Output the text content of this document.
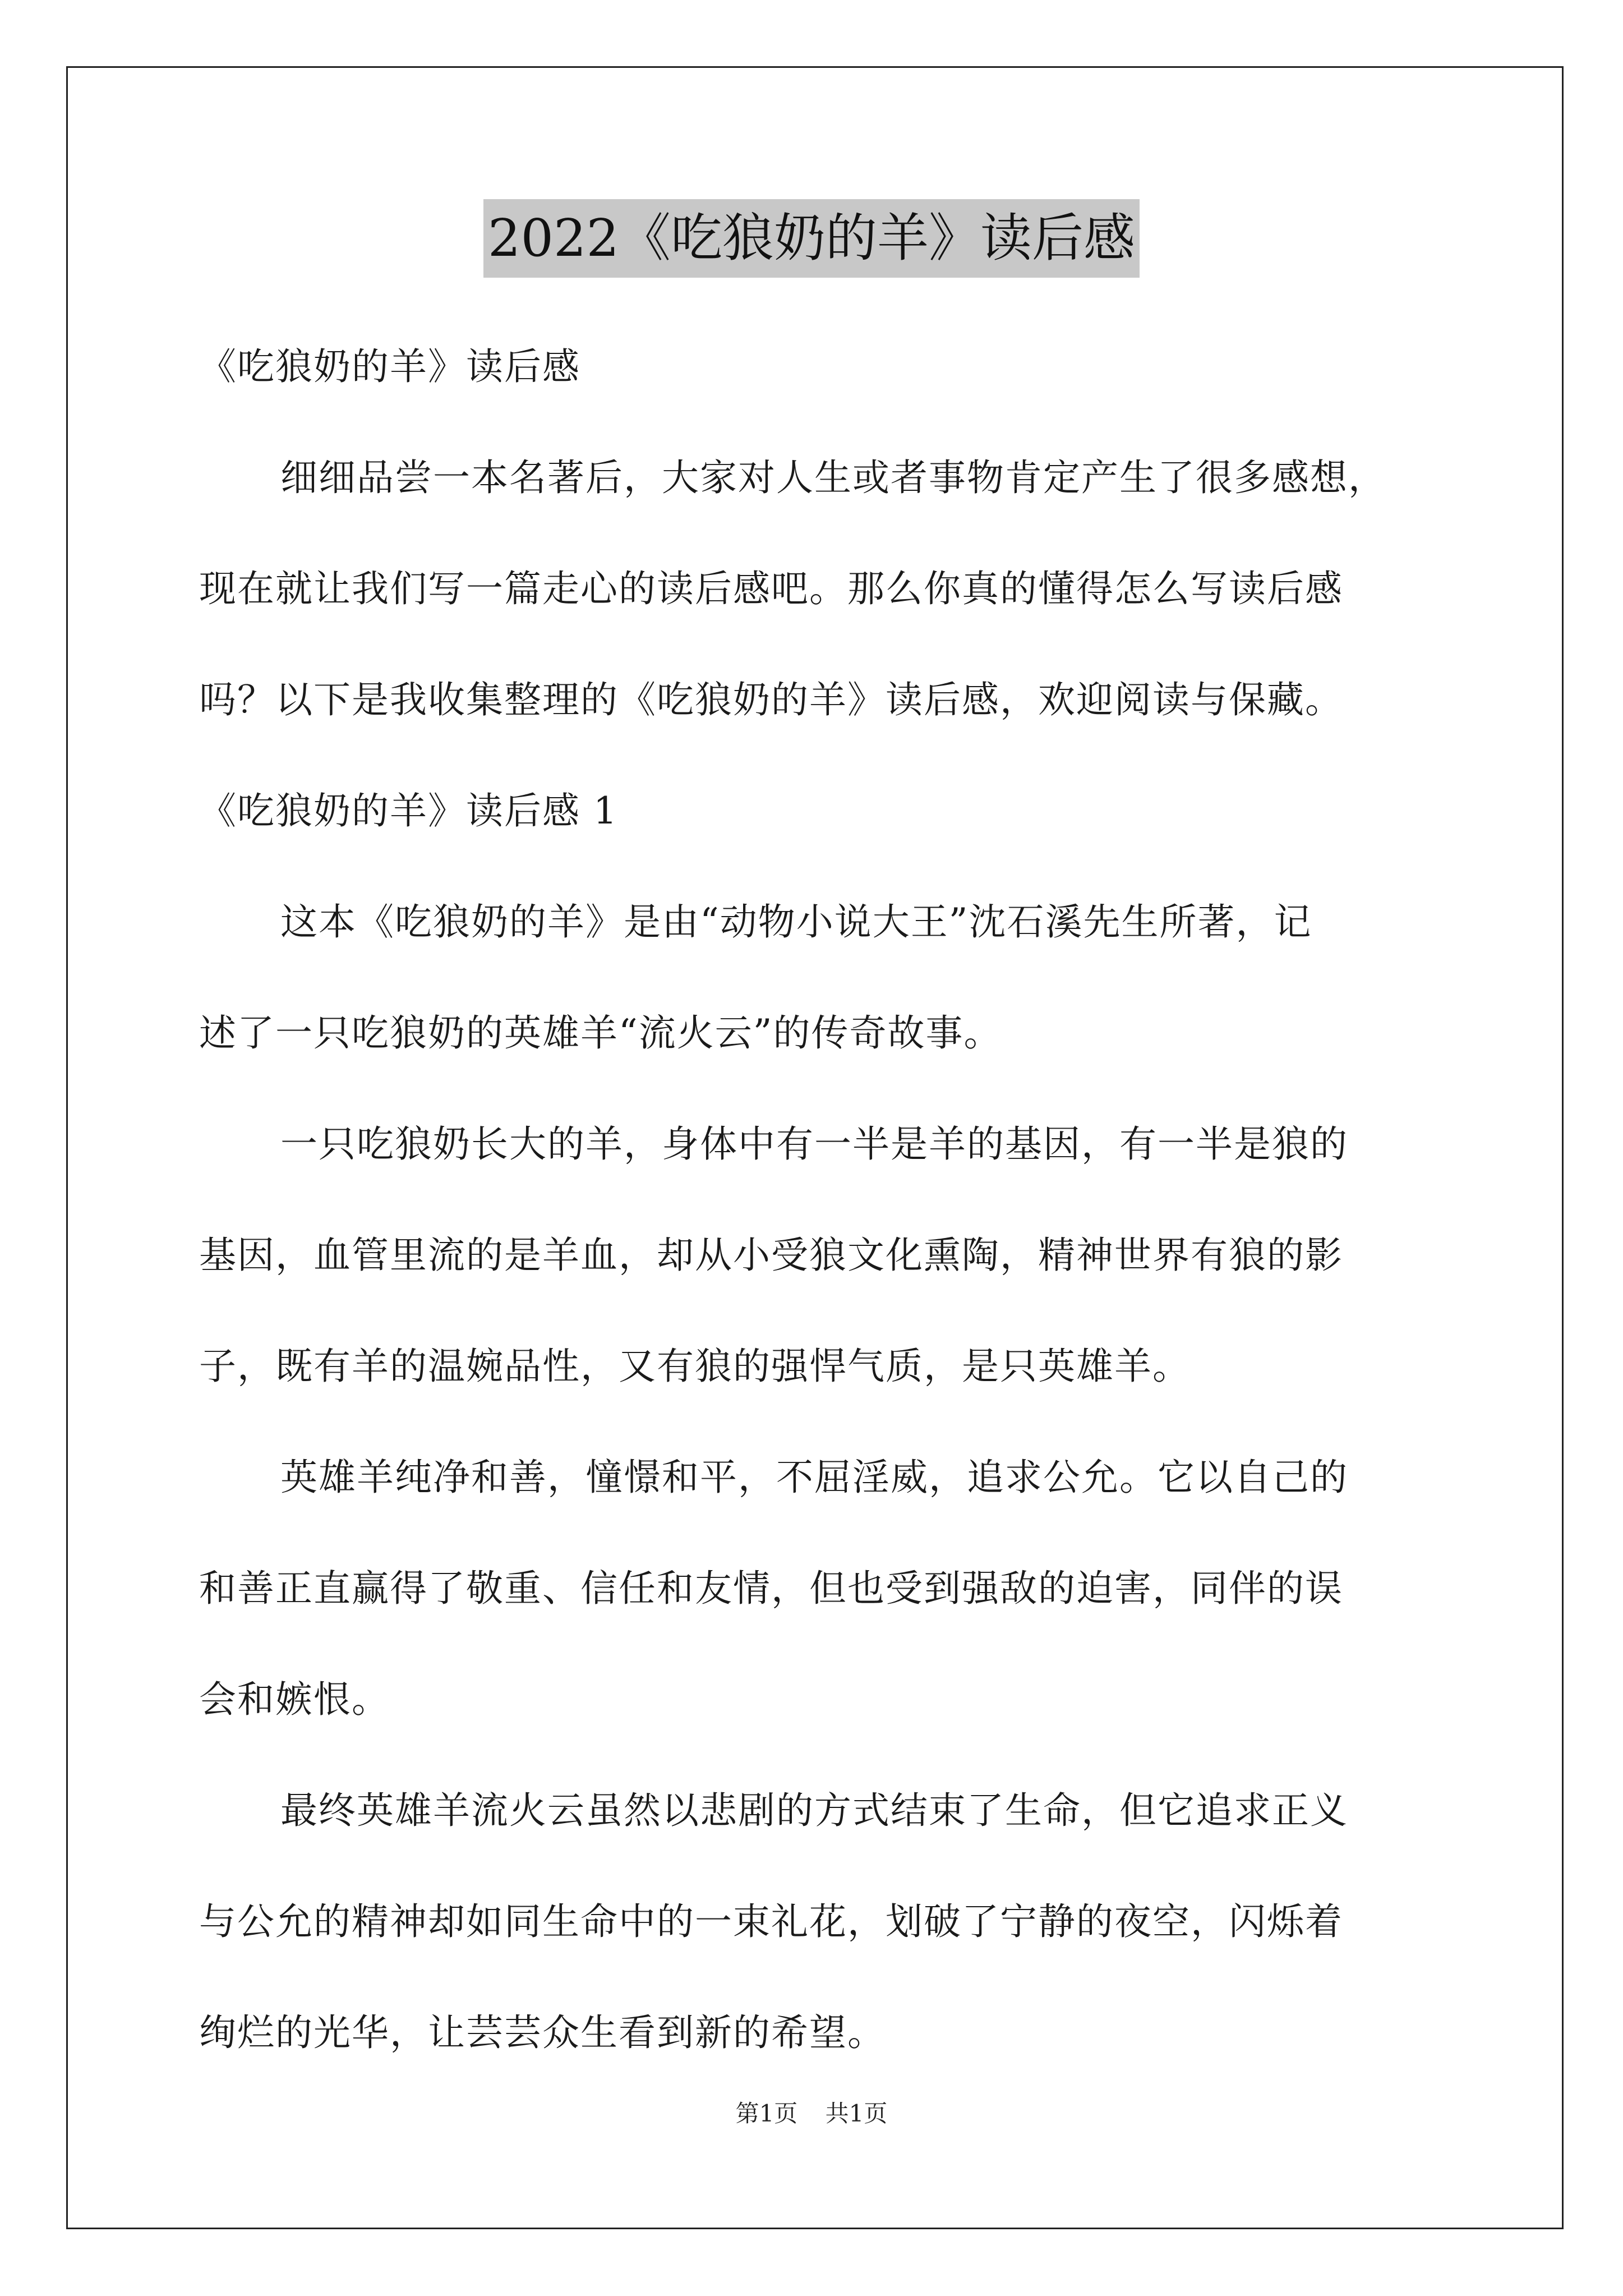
2022《吃狼奶的羊》读后感
《吃狼奶的羊》读后感
细细品尝一本名著后，大家对人生或者事物肯定产生了很多感想，
现在就让我们写一篇走心的读后感吧。那么你真的懂得怎么写读后感
吗？以下是我收集整理的《吃狼奶的羊》读后感，欢迎阅读与保藏。
《吃狼奶的羊》读后感 1
这本《吃狼奶的羊》是由“动物小说大王”沈石溪先生所著，记
述了一只吃狼奶的英雄羊“流火云”的传奇故事。
一只吃狼奶长大的羊，身体中有一半是羊的基因，有一半是狼的
基因，血管里流的是羊血，却从小受狼文化熏陶，精神世界有狼的影
子，既有羊的温婉品性，又有狼的强悍气质，是只英雄羊。
英雄羊纯净和善，憧憬和平，不屈淫威，追求公允。它以自己的
和善正直赢得了敬重、信任和友情，但也受到强敌的迫害，同伴的误
会和嫉恨。
最终英雄羊流火云虽然以悲剧的方式结束了生命，但它追求正义
与公允的精神却如同生命中的一束礼花，划破了宁静的夜空，闪烁着
绚烂的光华，让芸芸众生看到新的希望。
第1页 共1页
